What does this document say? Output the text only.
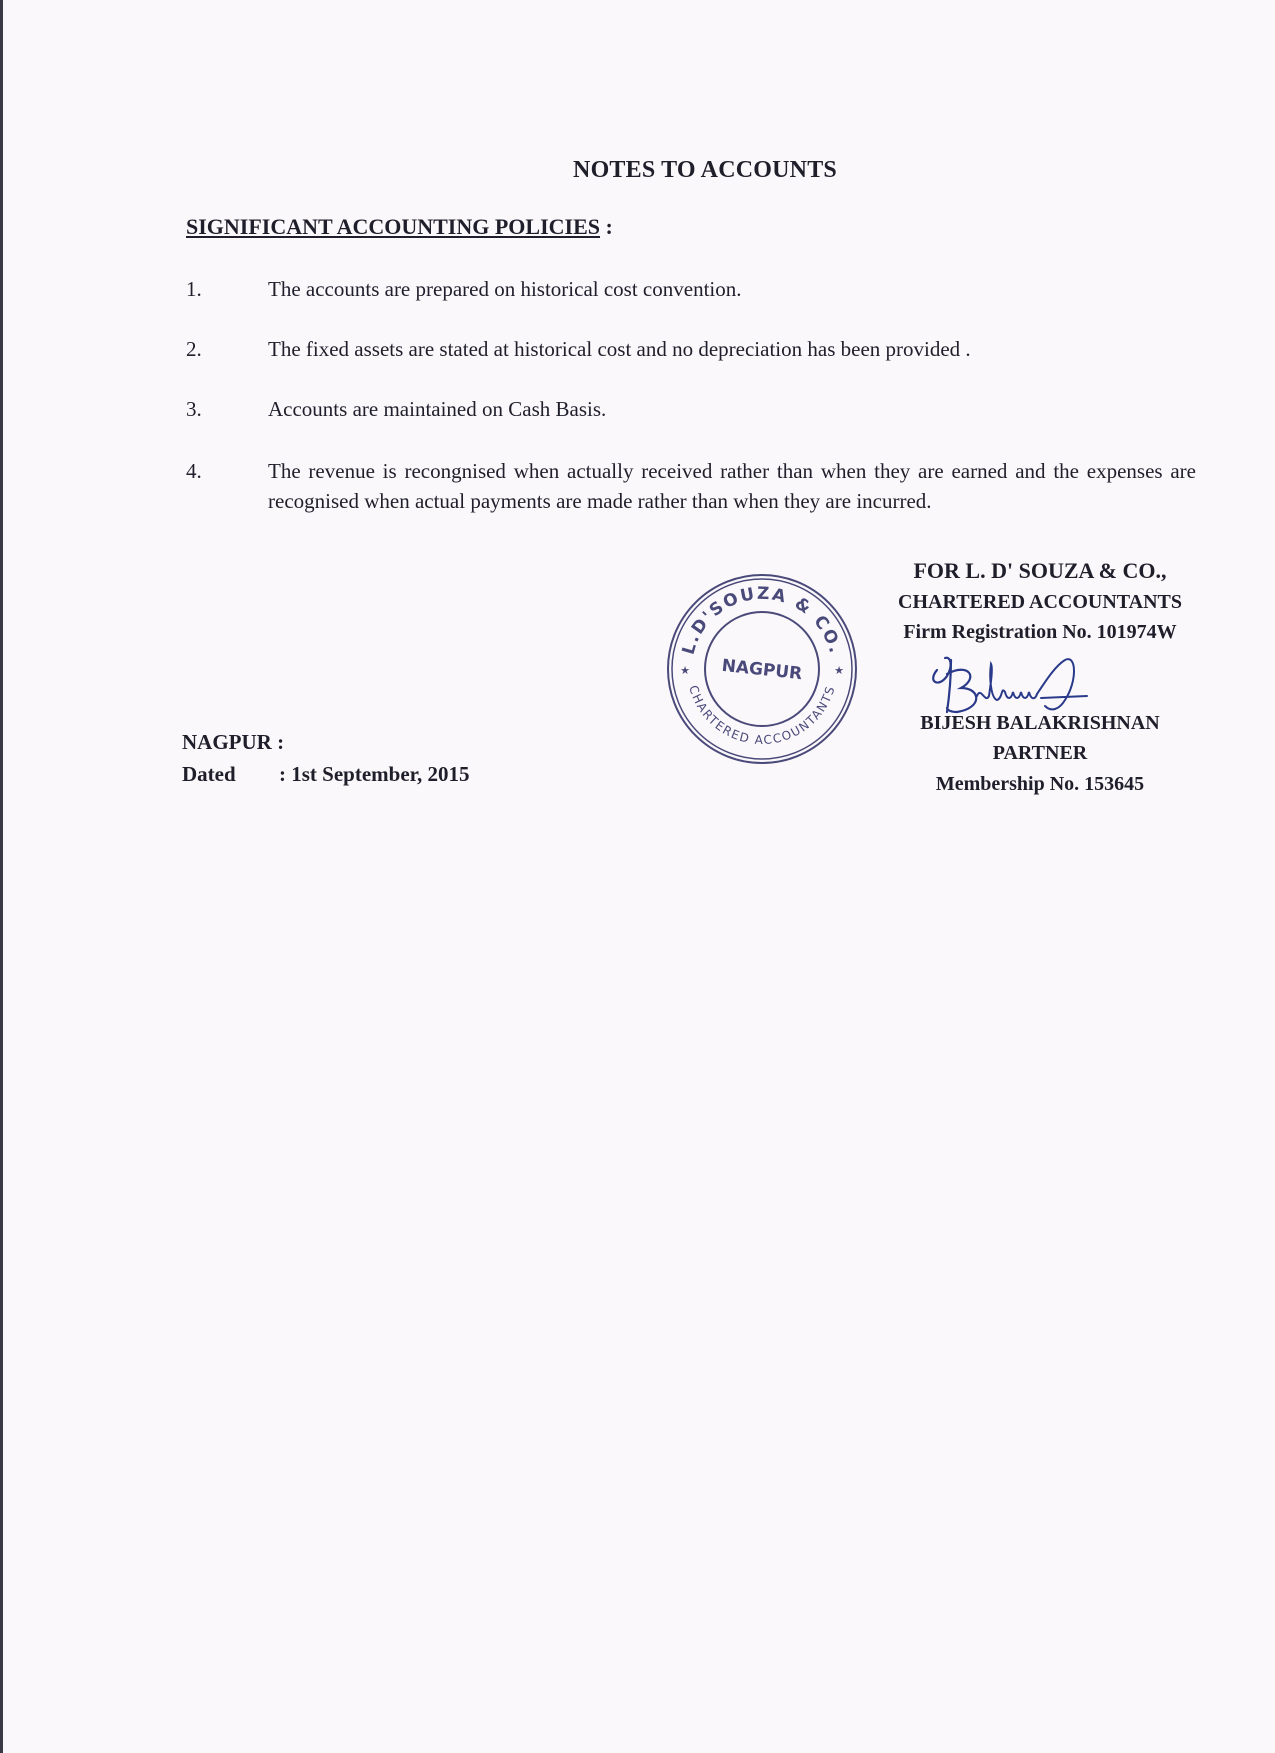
NOTES TO ACCOUNTS
SIGNIFICANT ACCOUNTING POLICIES :
1.	The accounts are prepared on historical cost convention.
2.	The fixed assets are stated at historical cost and no depreciation has been provided .
3.	Accounts are maintained on Cash Basis.
4.	The revenue is recongnised when actually received rather than when they are earned and the expenses are recognised when actual payments are made rather than when they are incurred.
NAGPUR :
Dated : 1st September, 2015
L.D'SOUZA & CO.
CHARTERED ACCOUNTANTS
NAGPUR
★	★
FOR L. D' SOUZA & CO.,
CHARTERED ACCOUNTANTS
Firm Registration No. 101974W
BIJESH BALAKRISHNAN
PARTNER
Membership No. 153645
